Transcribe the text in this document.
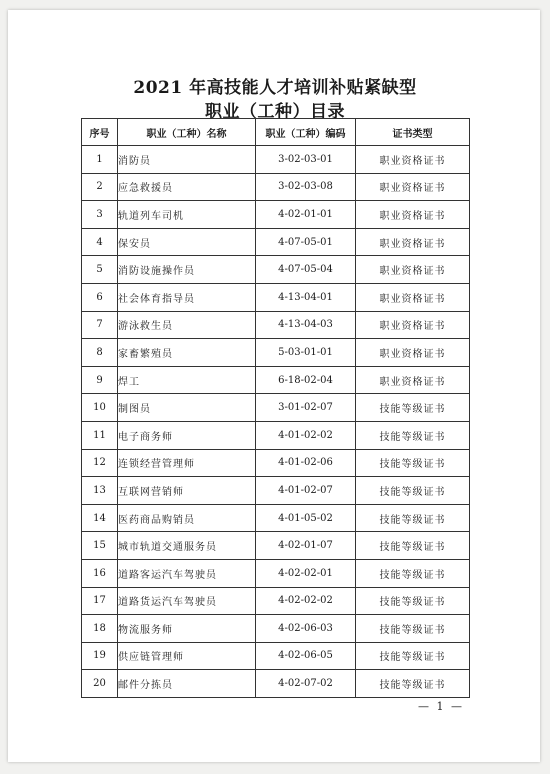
2021 年高技能人才培训补贴紧缺型
职业（工种）目录
序号	职业（工种）名称	职业（工种）编码	证书类型
1	消防员	3-02-03-01	职业资格证书
2	应急救援员	3-02-03-08	职业资格证书
3	轨道列车司机	4-02-01-01	职业资格证书
4	保安员	4-07-05-01	职业资格证书
5	消防设施操作员	4-07-05-04	职业资格证书
6	社会体育指导员	4-13-04-01	职业资格证书
7	游泳救生员	4-13-04-03	职业资格证书
8	家畜繁殖员	5-03-01-01	职业资格证书
9	焊工	6-18-02-04	职业资格证书
10	制图员	3-01-02-07	技能等级证书
11	电子商务师	4-01-02-02	技能等级证书
12	连锁经营管理师	4-01-02-06	技能等级证书
13	互联网营销师	4-01-02-07	技能等级证书
14	医药商品购销员	4-01-05-02	技能等级证书
15	城市轨道交通服务员	4-02-01-07	技能等级证书
16	道路客运汽车驾驶员	4-02-02-01	技能等级证书
17	道路货运汽车驾驶员	4-02-02-02	技能等级证书
18	物流服务师	4-02-06-03	技能等级证书
19	供应链管理师	4-02-06-05	技能等级证书
20	邮件分拣员	4-02-07-02	技能等级证书
— 1 —
